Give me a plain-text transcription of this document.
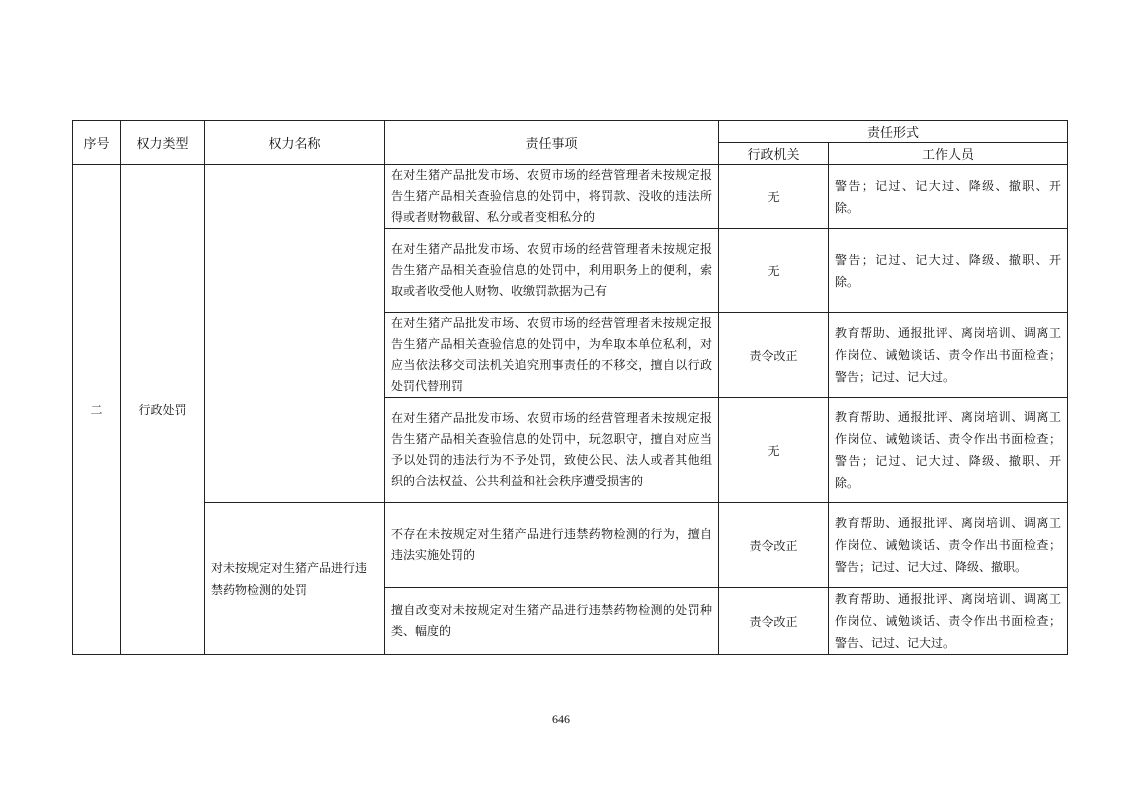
序号	权力类型	权力名称	责任事项	责任形式	
				行政机关	工作人员
二	行政处罚		在对生猪产品批发市场、农贸市场的经营管理者未按规定报告生猪产品相关查验信息的处罚中，将罚款、没收的违法所得或者财物截留、私分或者变相私分的	无	警告；记过、记大过、降级、撤职、开除。
			在对生猪产品批发市场、农贸市场的经营管理者未按规定报告生猪产品相关查验信息的处罚中，利用职务上的便利，索取或者收受他人财物、收缴罚款据为己有	无	警告；记过、记大过、降级、撤职、开除。
			在对生猪产品批发市场、农贸市场的经营管理者未按规定报告生猪产品相关查验信息的处罚中，为牟取本单位私利，对应当依法移交司法机关追究刑事责任的不移交，擅自以行政处罚代替刑罚	责令改正	教育帮助、通报批评、离岗培训、调离工作岗位、诫勉谈话、责令作出书面检查；警告；记过、记大过。
			在对生猪产品批发市场、农贸市场的经营管理者未按规定报告生猪产品相关查验信息的处罚中，玩忽职守，擅自对应当予以处罚的违法行为不予处罚，致使公民、法人或者其他组织的合法权益、公共利益和社会秩序遭受损害的	无	教育帮助、通报批评、离岗培训、调离工作岗位、诫勉谈话、责令作出书面检查；警告；记过、记大过、降级、撤职、开除。
		对未按规定对生猪产品进行违禁药物检测的处罚	不存在未按规定对生猪产品进行违禁药物检测的行为，擅自违法实施处罚的	责令改正	教育帮助、通报批评、离岗培训、调离工作岗位、诫勉谈话、责令作出书面检查；警告；记过、记大过、降级、撤职。
			擅自改变对未按规定对生猪产品进行违禁药物检测的处罚种类、幅度的	责令改正	教育帮助、通报批评、离岗培训、调离工作岗位、诫勉谈话、责令作出书面检查；警告、记过、记大过。
646
